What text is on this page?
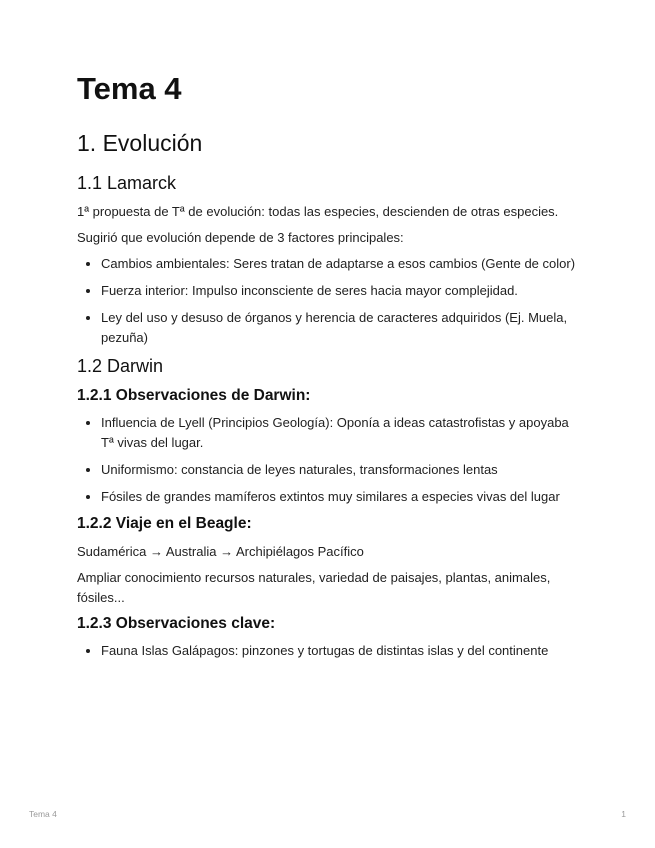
Tema 4
1. Evolución
1.1 Lamarck

1ª propuesta de Tª de evolución: todas las especies, descienden de otras especies.

Sugirió que evolución depende de 3 factores principales:

• Cambios ambientales: Seres tratan de adaptarse a esos cambios (Gente de color)
• Fuerza interior: Impulso inconsciente de seres hacia mayor complejidad.
• Ley del uso y desuso de órganos y herencia de caracteres adquiridos (Ej. Muela, pezuña)
1.2 Darwin
1.2.1 Observaciones de Darwin:
• Influencia de Lyell (Principios Geología): Oponía a ideas catastrofistas y apoyaba Tª vivas del lugar.
• Uniformismo: constancia de leyes naturales, transformaciones lentas
• Fósiles de grandes mamíferos extintos muy similares a especies vivas del lugar
1.2.2 Viaje en el Beagle:

Sudamérica → Australia → Archipiélagos Pacífico

Ampliar conocimiento recursos naturales, variedad de paisajes, plantas, animales, fósiles...

1.2.3 Observaciones clave:
• Fauna Islas Galápagos: pinzones y tortugas de distintas islas y del continente
Tema 4	1
